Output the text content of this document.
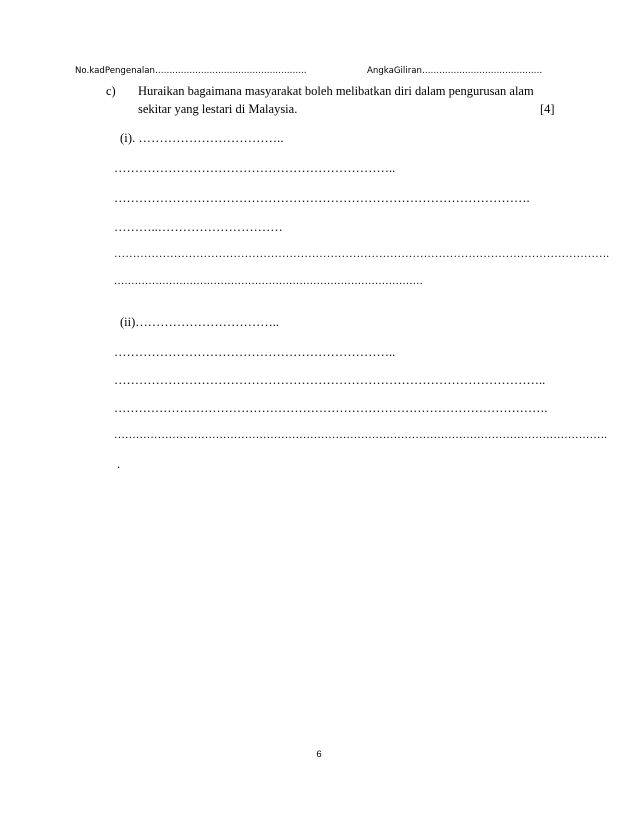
No.kadPengenalan……………………………………………..	AngkaGiliran……………………………………
c) Huraikan bagaimana masyarakat boleh melibatkan diri dalam pengurusan alam
sekitar yang lestari di Malaysia.	[4]
(i). ……………………………..
…………………………………………………………..
……………………………………………………………………………………….
………..…………………………
…………………………………………………………………………………………………………………….
………………………………………………………………………………
(ii)……………………………..
…………………………………………………………..
…………………………………………………………………………………………..
…………………………………………………………………………………………….
……………………………………………………………………………………………………………………….
.
6
